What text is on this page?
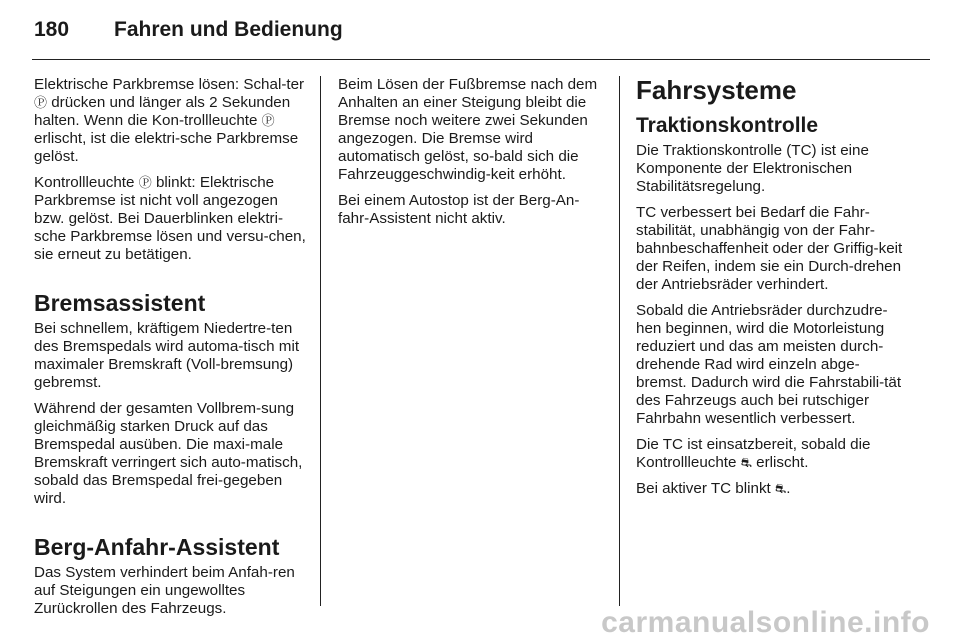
180 Fahren und Bedienung

Elektrische Parkbremse lösen: Schal-ter Ⓟ drücken und länger als 2 Sekunden halten. Wenn die Kon-trollleuchte Ⓟ erlischt, ist die elektri-sche Parkbremse gelöst.

Kontrollleuchte Ⓟ blinkt: Elektrische Parkbremse ist nicht voll angezogen bzw. gelöst. Bei Dauerblinken elektri-sche Parkbremse lösen und versu-chen, sie erneut zu betätigen.

Bremsassistent

Bei schnellem, kräftigem Niedertre-ten des Bremspedals wird automa-tisch mit maximaler Bremskraft (Voll-bremsung) gebremst.

Während der gesamten Vollbrem-sung gleichmäßig starken Druck auf das Bremspedal ausüben. Die maxi-male Bremskraft verringert sich auto-matisch, sobald das Bremspedal frei-gegeben wird.

Berg-Anfahr-Assistent

Das System verhindert beim Anfah-ren auf Steigungen ein ungewolltes Zurückrollen des Fahrzeugs.

Beim Lösen der Fußbremse nach dem Anhalten an einer Steigung bleibt die Bremse noch weitere zwei Sekunden angezogen. Die Bremse wird automatisch gelöst, so-bald sich die Fahrzeuggeschwindig-keit erhöht.

Bei einem Autostop ist der Berg-An-fahr-Assistent nicht aktiv.

Fahrsysteme
Traktionskontrolle

Die Traktionskontrolle (TC) ist eine Komponente der Elektronischen Stabilitätsregelung.

TC verbessert bei Bedarf die Fahr-stabilität, unabhängig von der Fahr-bahnbeschaffenheit oder der Griffig-keit der Reifen, indem sie ein Durch-drehen der Antriebsräder verhindert.

Sobald die Antriebsräder durchzudre-hen beginnen, wird die Motorleistung reduziert und das am meisten durch-drehende Rad wird einzeln abge-bremst. Dadurch wird die Fahrstabili-tät des Fahrzeugs auch bei rutschiger Fahrbahn wesentlich verbessert.

Die TC ist einsatzbereit, sobald die Kontrollleuchte ⛐ erlischt.

Bei aktiver TC blinkt ⛐.

carmanualsonline.info
